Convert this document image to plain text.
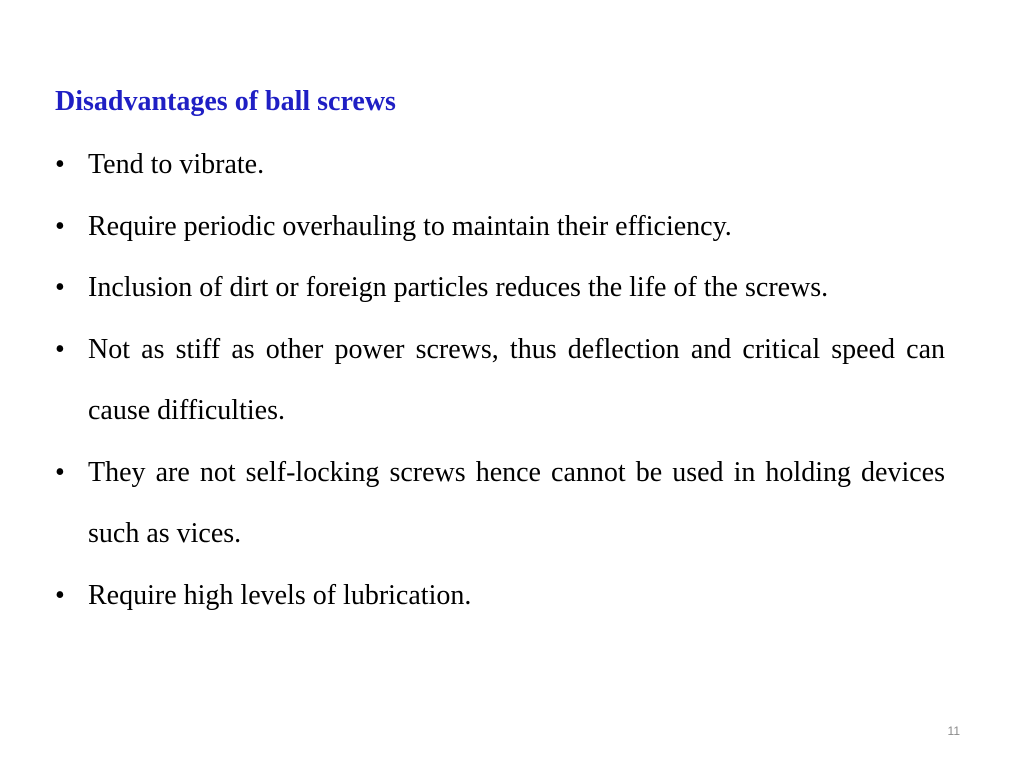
Disadvantages of ball screws
• Tend to vibrate.
• Require periodic overhauling to maintain their efficiency.
• Inclusion of dirt or foreign particles reduces the life of the screws.
• Not as stiff as other power screws, thus deflection and critical speed can cause difficulties.
• They are not self-locking screws hence cannot be used in holding devices such as vices.
• Require high levels of lubrication.
11
